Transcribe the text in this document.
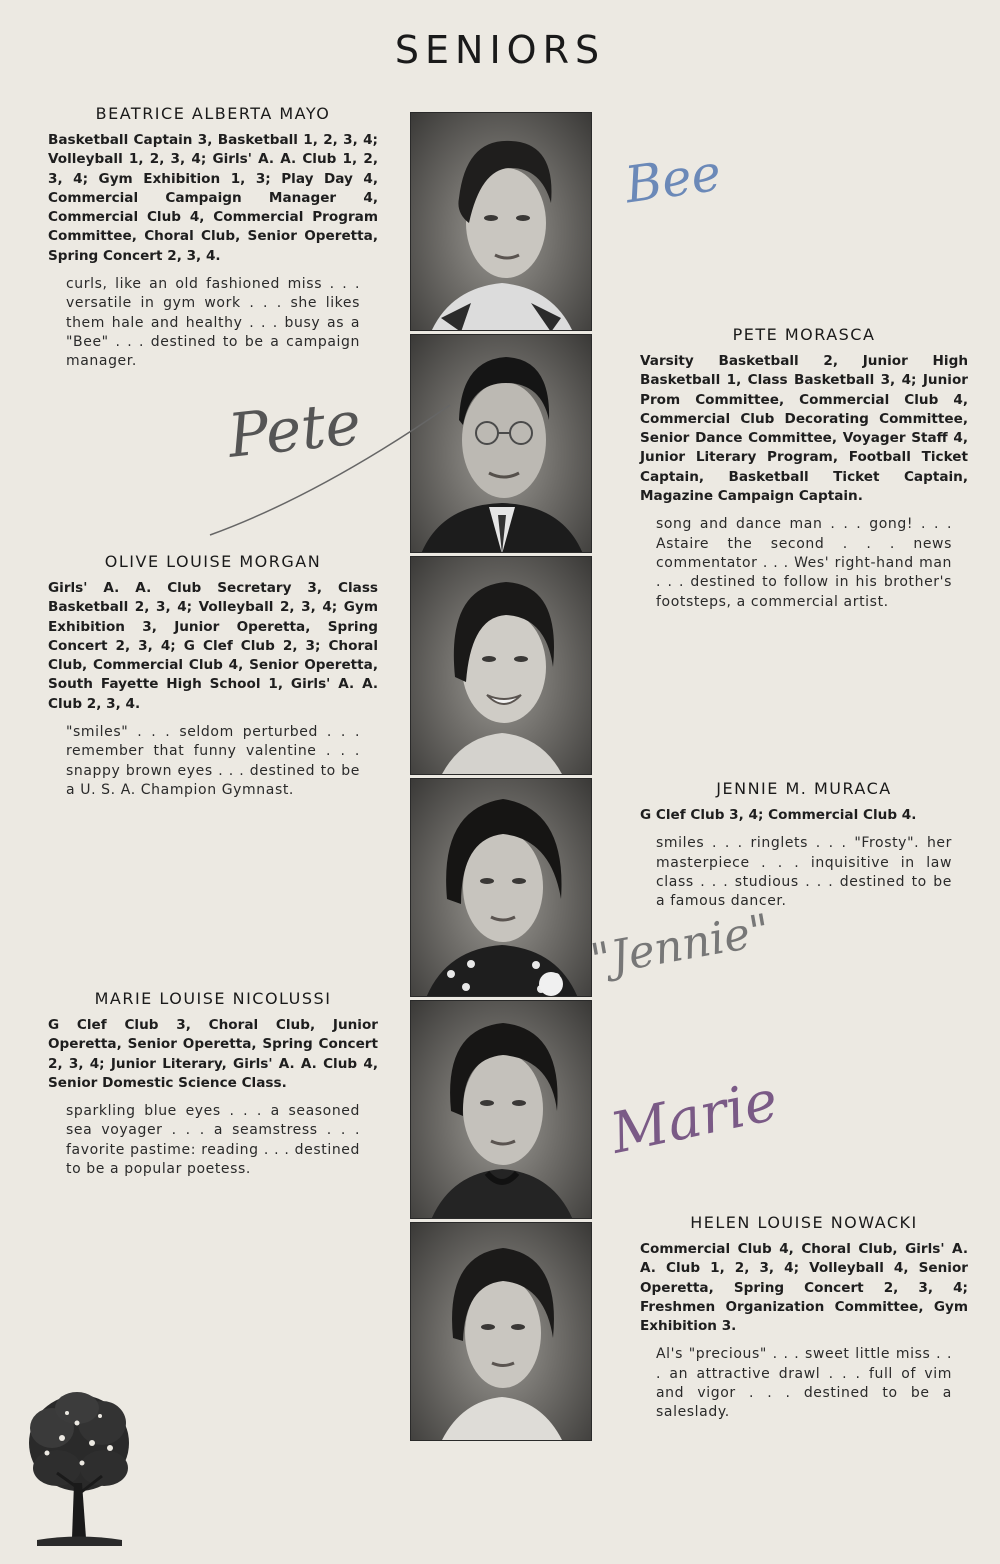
SENIORS
BEATRICE ALBERTA MAYO
Basketball Captain 3, Basketball 1, 2, 3, 4; Volleyball 1, 2, 3, 4; Girls' A. A. Club 1, 2, 3, 4; Gym Exhibition 1, 3; Play Day 4, Commercial Campaign Manager 4, Commercial Club 4, Commercial Program Committee, Choral Club, Senior Operetta, Spring Concert 2, 3, 4.
curls, like an old fashioned miss . . . versatile in gym work . . . she likes them hale and healthy . . . busy as a "Bee" . . . destined to be a campaign manager.
PETE MORASCA
Varsity Basketball 2, Junior High Basketball 1, Class Basketball 3, 4; Junior Prom Committee, Commercial Club 4, Commercial Club Decorating Committee, Senior Dance Committee, Voyager Staff 4, Junior Literary Program, Football Ticket Captain, Basketball Ticket Captain, Magazine Campaign Captain.
song and dance man . . . gong! . . . Astaire the second . . . news commentator . . . Wes' right-hand man . . . destined to follow in his brother's footsteps, a commercial artist.
OLIVE LOUISE MORGAN
Girls' A. A. Club Secretary 3, Class Basketball 2, 3, 4; Volleyball 2, 3, 4; Gym Exhibition 3, Junior Operetta, Spring Concert 2, 3, 4; G Clef Club 2, 3; Choral Club, Commercial Club 4, Senior Operetta, South Fayette High School 1, Girls' A. A. Club 2, 3, 4.
"smiles" . . . seldom perturbed . . . remember that funny valentine . . . snappy brown eyes . . . destined to be a U. S. A. Champion Gymnast.	JENNIE M. MURACA
G Clef Club 3, 4; Commercial Club 4.
smiles . . . ringlets . . . "Frosty". her masterpiece . . . inquisitive in law class . . . studious . . . destined to be a famous dancer.
MARIE LOUISE NICOLUSSI
G Clef Club 3, Choral Club, Junior Operetta, Senior Operetta, Spring Concert 2, 3, 4; Junior Literary, Girls' A. A. Club 4, Senior Domestic Science Class.
sparkling blue eyes . . . a seasoned sea voyager . . . a seamstress . . . favorite pastime: reading . . . destined to be a popular poetess.
HELEN LOUISE NOWACKI
Commercial Club 4, Choral Club, Girls' A. A. Club 1, 2, 3, 4; Volleyball 4, Senior Operetta, Spring Concert 2, 3, 4; Freshmen Organization Committee, Gym Exhibition 3.
Al's "precious" . . . sweet little miss . . . an attractive drawl . . . full of vim and vigor . . . destined to be a saleslady.
Bee
Pete
"Jennie"
Marie
